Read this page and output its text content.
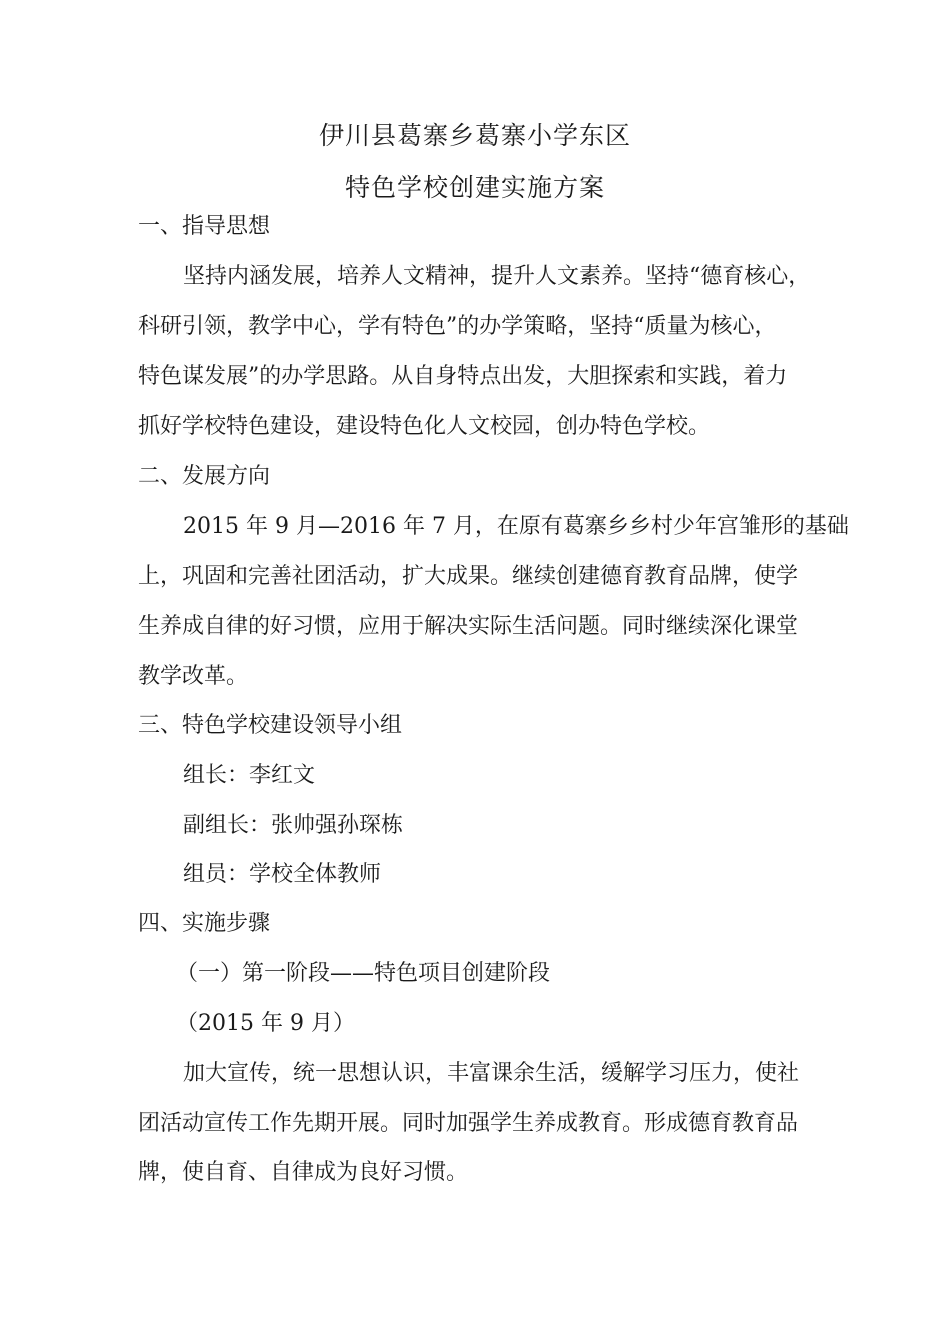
伊川县葛寨乡葛寨小学东区
特色学校创建实施方案
一、指导思想
坚持内涵发展，培养人文精神，提升人文素养。坚持“德育核心，
科研引领，教学中心，学有特色”的办学策略，坚持“质量为核心，
特色谋发展”的办学思路。从自身特点出发，大胆探索和实践，着力
抓好学校特色建设，建设特色化人文校园，创办特色学校。
二、发展方向
2015 年 9 月—2016 年 7 月，在原有葛寨乡乡村少年宫雏形的基础
上，巩固和完善社团活动，扩大成果。继续创建德育教育品牌，使学
生养成自律的好习惯，应用于解决实际生活问题。同时继续深化课堂
教学改革。
三、特色学校建设领导小组
组长：李红文
副组长：张帅强孙琛栋
组员：学校全体教师
四、实施步骤
（一）第一阶段——特色项目创建阶段
（2015 年 9 月）
加大宣传，统一思想认识，丰富课余生活，缓解学习压力，使社
团活动宣传工作先期开展。同时加强学生养成教育。形成德育教育品
牌，使自育、自律成为良好习惯。
